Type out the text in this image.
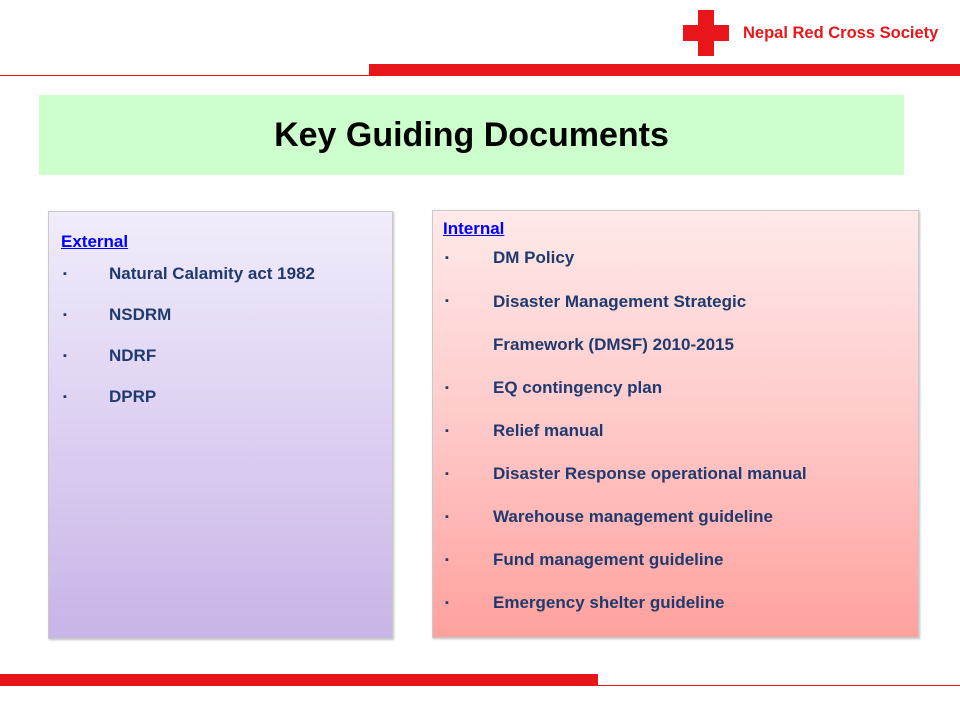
Nepal Red Cross Society
Key Guiding Documents
External
▪	Natural Calamity act 1982
▪	NSDRM
▪	NDRF
▪	DPRP
Internal
▪	DM Policy
▪	Disaster Management Strategic Framework (DMSF) 2010-2015
▪	EQ contingency plan
▪	Relief manual
▪	Disaster Response operational manual
▪	Warehouse management guideline
▪	Fund management guideline
▪	Emergency shelter guideline
